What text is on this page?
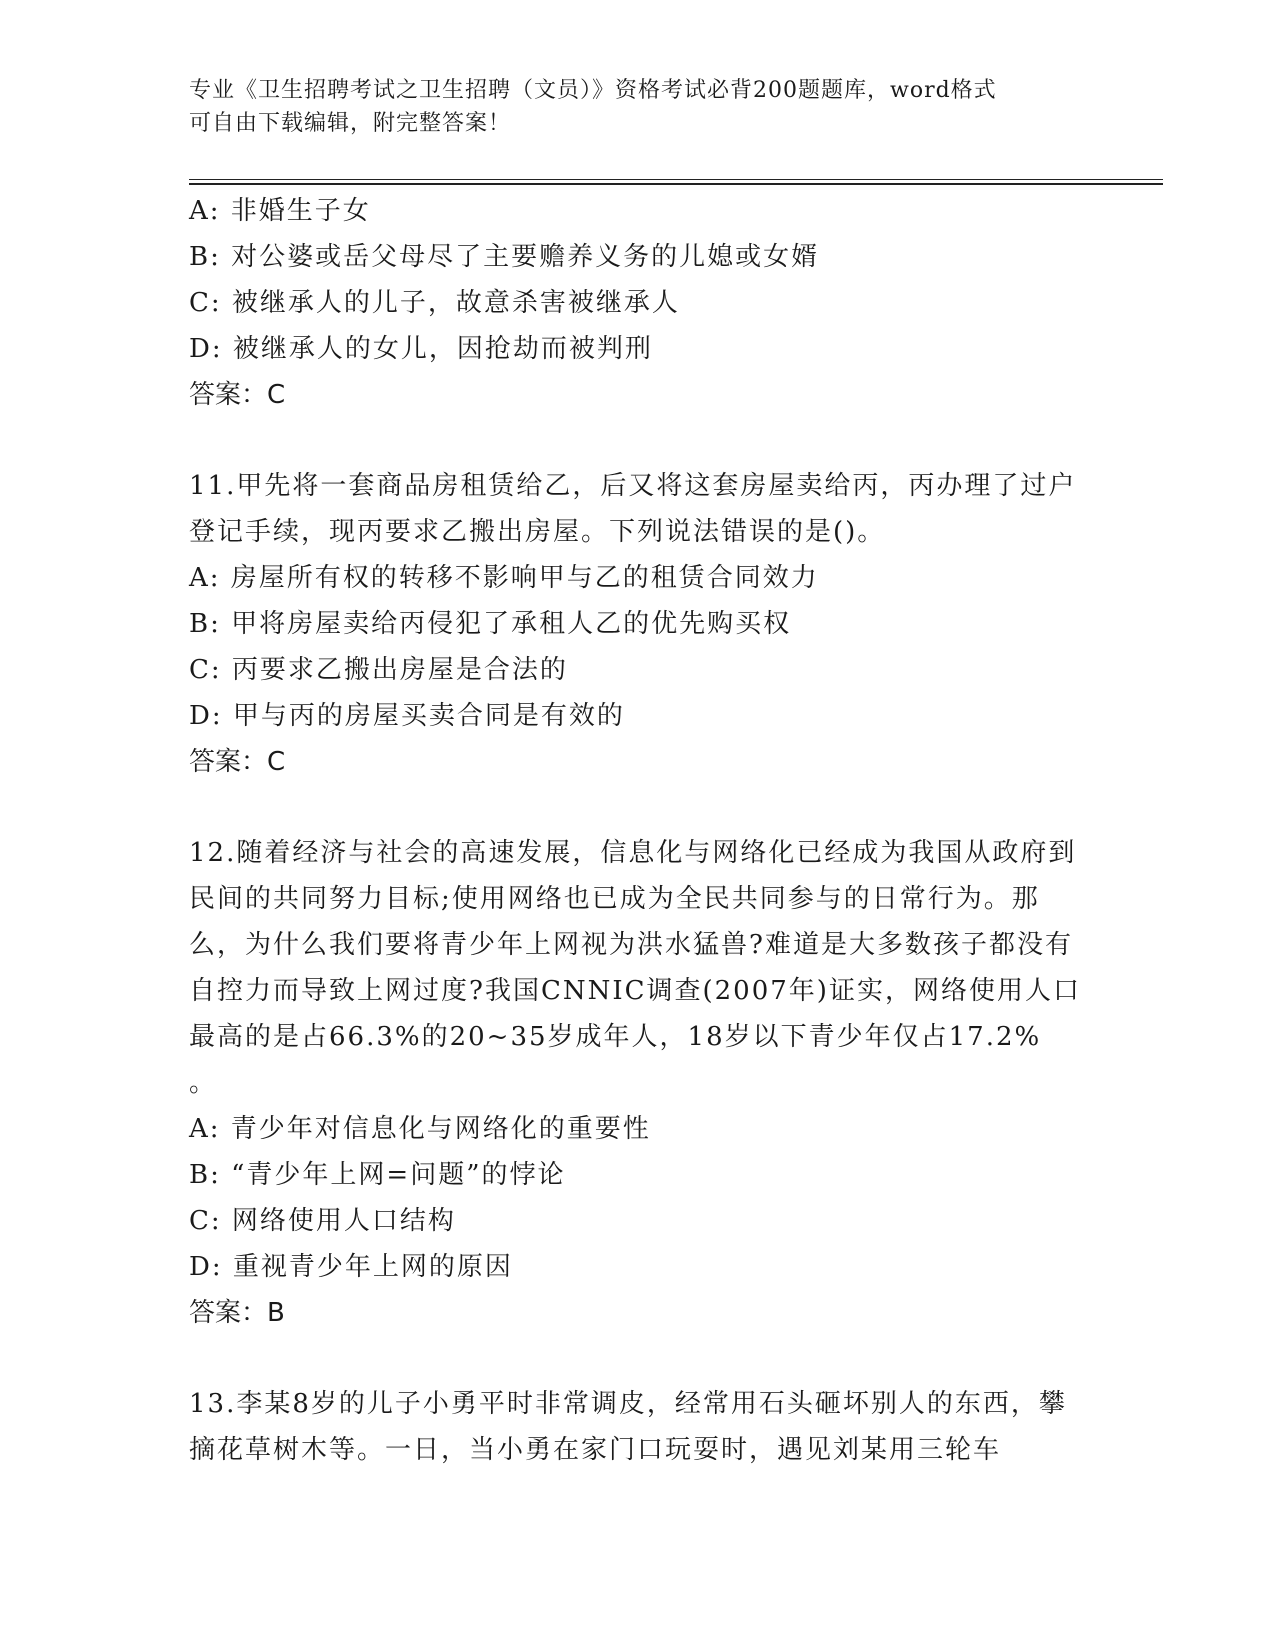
专业《卫生招聘考试之卫生招聘（文员）》资格考试必背200题题库，word格式
可自由下载编辑，附完整答案！
A: 非婚生子女
B: 对公婆或岳父母尽了主要赡养义务的儿媳或女婿
C: 被继承人的儿子，故意杀害被继承人
D: 被继承人的女儿，因抢劫而被判刑
答案：C
11.甲先将一套商品房租赁给乙，后又将这套房屋卖给丙，丙办理了过户登记手续，现丙要求乙搬出房屋。下列说法错误的是()。
A: 房屋所有权的转移不影响甲与乙的租赁合同效力
B: 甲将房屋卖给丙侵犯了承租人乙的优先购买权
C: 丙要求乙搬出房屋是合法的
D: 甲与丙的房屋买卖合同是有效的
答案：C
12.随着经济与社会的高速发展，信息化与网络化已经成为我国从政府到民间的共同努力目标;使用网络也已成为全民共同参与的日常行为。那么，为什么我们要将青少年上网视为洪水猛兽?难道是大多数孩子都没有自控力而导致上网过度?我国CNNIC调查(2007年)证实，网络使用人口最高的是占66.3%的20~35岁成年人，18岁以下青少年仅占17.2%
。
A: 青少年对信息化与网络化的重要性
B: “青少年上网=问题”的悖论
C: 网络使用人口结构
D: 重视青少年上网的原因
答案：B
13.李某8岁的儿子小勇平时非常调皮，经常用石头砸坏别人的东西，攀摘花草树木等。一日，当小勇在家门口玩耍时，遇见刘某用三轮车
